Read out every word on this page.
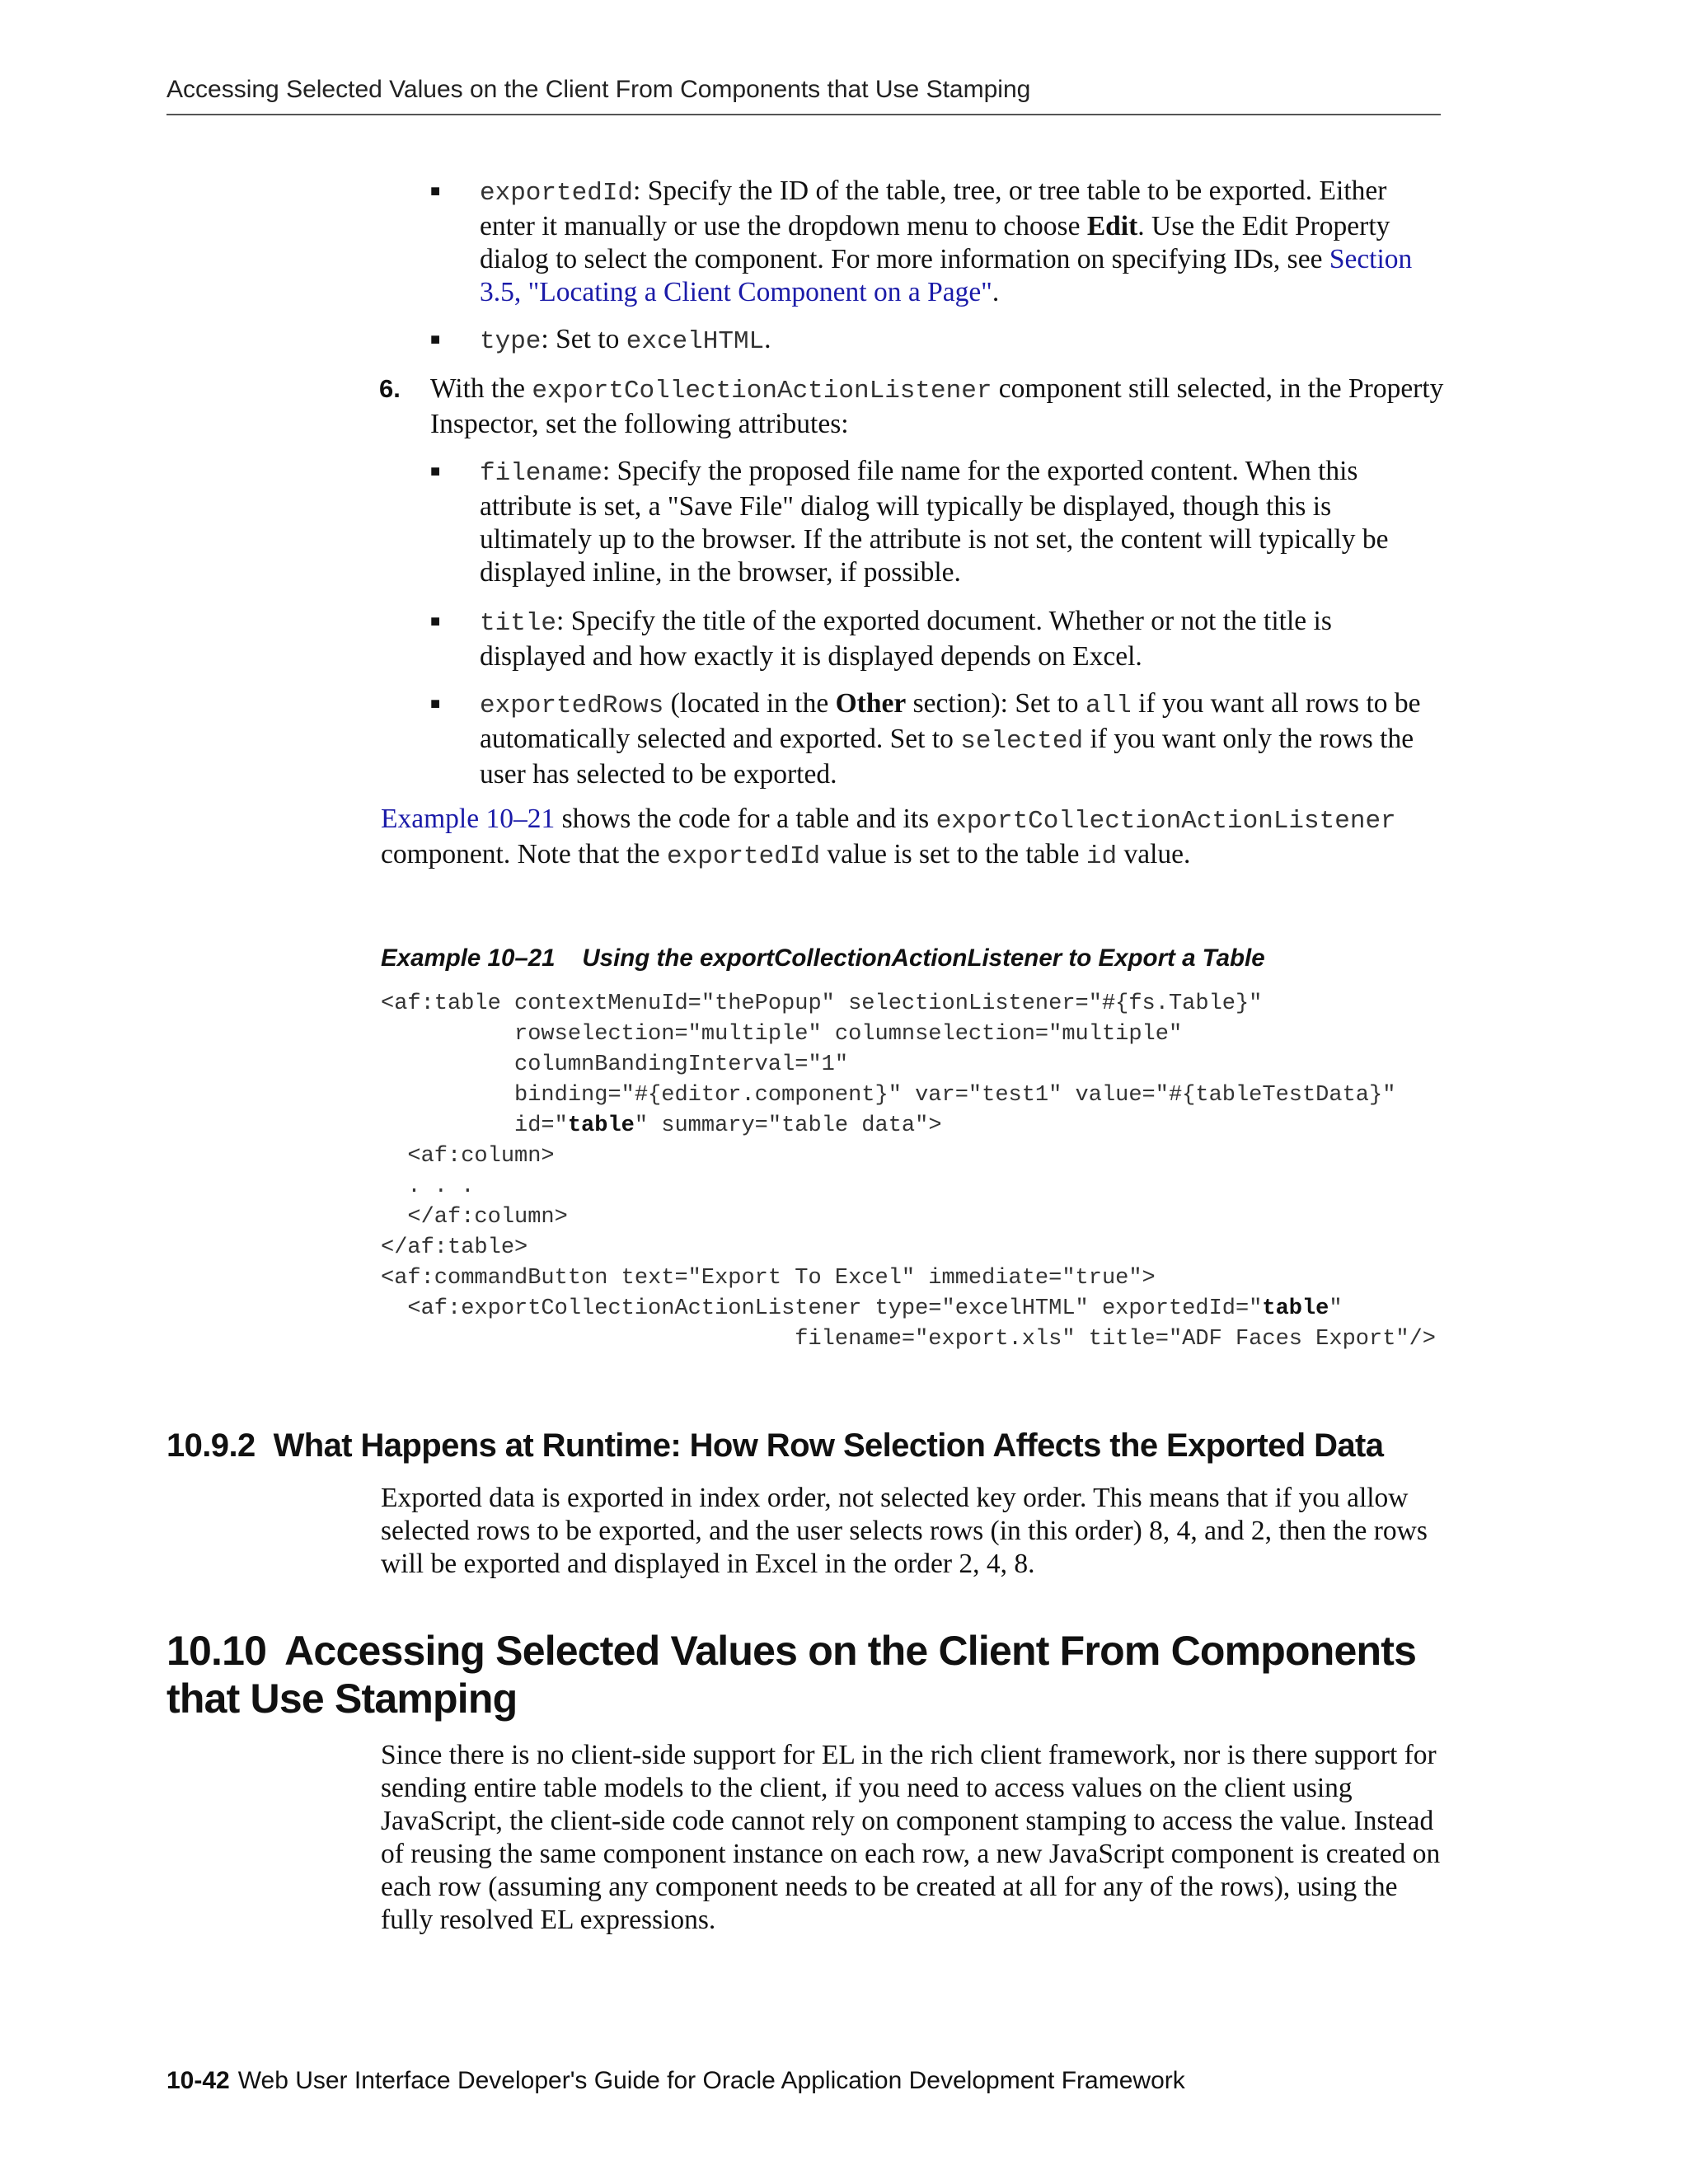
Accessing Selected Values on the Client From Components that Use Stamping
■ exportedId: Specify the ID of the table, tree, or tree table to be exported. Either enter it manually or use the dropdown menu to choose Edit. Use the Edit Property dialog to select the component. For more information on specifying IDs, see Section 3.5, "Locating a Client Component on a Page".
■ type: Set to excelHTML.
6. With the exportCollectionActionListener component still selected, in the Property Inspector, set the following attributes:
■ filename: Specify the proposed file name for the exported content. When this attribute is set, a "Save File" dialog will typically be displayed, though this is ultimately up to the browser. If the attribute is not set, the content will typically be displayed inline, in the browser, if possible.
■ title: Specify the title of the exported document. Whether or not the title is displayed and how exactly it is displayed depends on Excel.
■ exportedRows (located in the Other section): Set to all if you want all rows to be automatically selected and exported. Set to selected if you want only the rows the user has selected to be exported.

Example 10–21 shows the code for a table and its exportCollectionActionListener component. Note that the exportedId value is set to the table id value.

Example 10–21    Using the exportCollectionActionListener to Export a Table
<af:table contextMenuId="thePopup" selectionListener="#{fs.Table}"
rowselection="multiple" columnselection="multiple"
columnBandingInterval="1"
binding="#{editor.component}" var="test1" value="#{tableTestData}"
id="table" summary="table data">
<af:column>
. . .
</af:column>
</af:table>
<af:commandButton text="Export To Excel" immediate="true">
<af:exportCollectionActionListener type="excelHTML" exportedId="table"
filename="export.xls" title="ADF Faces Export"/>
10.9.2 What Happens at Runtime: How Row Selection Affects the Exported Data

Exported data is exported in index order, not selected key order. This means that if you allow selected rows to be exported, and the user selects rows (in this order) 8, 4, and 2, then the rows will be exported and displayed in Excel in the order 2, 4, 8.

10.10 Accessing Selected Values on the Client From Components that Use Stamping

Since there is no client-side support for EL in the rich client framework, nor is there support for sending entire table models to the client, if you need to access values on the client using JavaScript, the client-side code cannot rely on component stamping to access the value. Instead of reusing the same component instance on each row, a new JavaScript component is created on each row (assuming any component needs to be created at all for any of the rows), using the fully resolved EL expressions.

10-42 Web User Interface Developer's Guide for Oracle Application Development Framework
